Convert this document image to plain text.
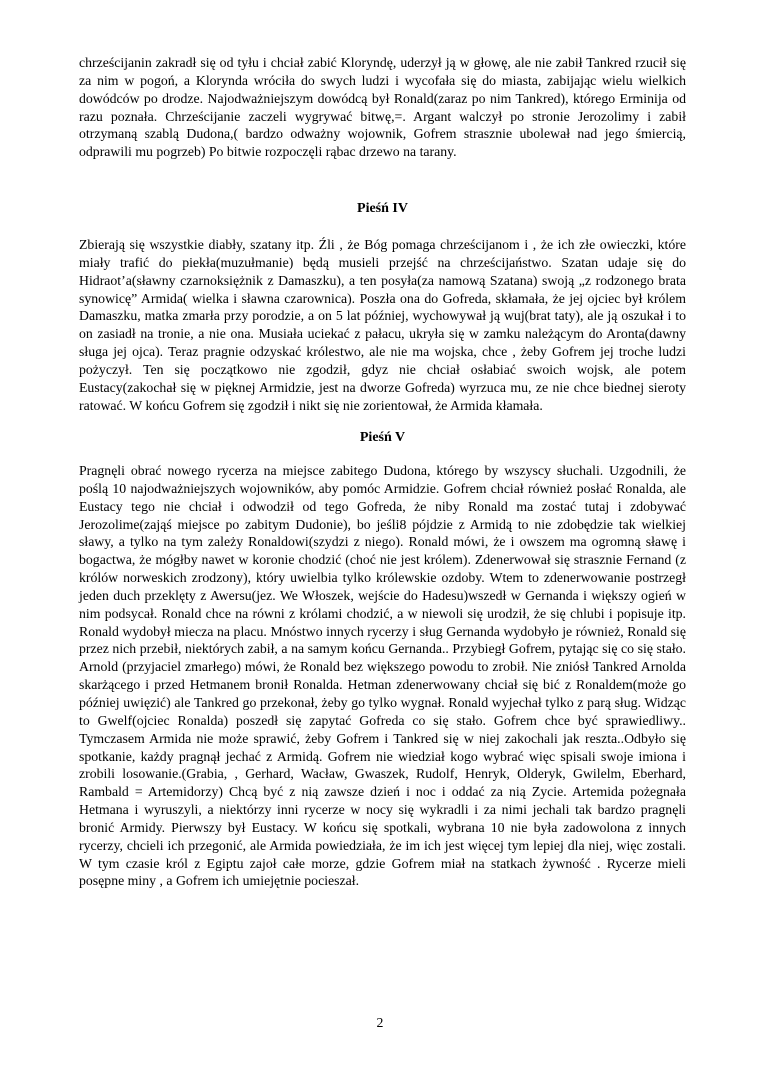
chrześcijanin zakradł się od tyłu i chciał zabić Kloryndę, uderzył ją w głowę, ale nie zabił Tankred rzucił się za nim w pogoń, a Klorynda wróciła do swych ludzi i wycofała się do miasta, zabijając wielu wielkich dowódców po drodze. Najodważniejszym dowódcą był Ronald(zaraz po nim Tankred), którego Erminija od razu poznała. Chrześcijanie zaczeli wygrywać bitwę,=. Argant walczył po stronie Jerozolimy i zabił otrzymaną szablą Dudona,( bardzo odważny wojownik, Gofrem strasznie ubolewał nad jego śmiercią, odprawili mu pogrzeb) Po bitwie rozpoczęli rąbac drzewo na tarany.

Pieśń IV

Zbierają się wszystkie diabły, szatany itp. Źli , że Bóg pomaga chrześcijanom i , że ich złe owieczki, które miały trafić do piekła(muzułmanie) będą musieli przejść na chrześcijaństwo. Szatan udaje się do Hidraot’a(sławny czarnoksiężnik z Damaszku), a ten posyła(za namową Szatana) swoją „z rodzonego brata synowicę” Armida( wielka i sławna czarownica). Poszła ona do Gofreda, skłamała, że jej ojciec był królem Damaszku, matka zmarła przy porodzie, a on 5 lat później, wychowywał ją wuj(brat taty), ale ją oszukał i to on zasiadł na tronie, a nie ona. Musiała uciekać z pałacu, ukryła się w zamku należącym do Aronta(dawny sługa jej ojca). Teraz pragnie odzyskać królestwo, ale nie ma wojska, chce , żeby Gofrem jej troche ludzi pożyczył. Ten się początkowo nie zgodził, gdyz nie chciał osłabiać swoich wojsk, ale potem Eustacy(zakochał się w pięknej Armidzie, jest na dworze Gofreda) wyrzuca mu, ze nie chce biednej sieroty ratować. W końcu Gofrem się zgodził i nikt się nie zorientował, że Armida kłamała.

Pieśń V

Pragnęli obrać nowego rycerza na miejsce zabitego Dudona, którego by wszyscy słuchali. Uzgodnili, że poślą 10 najodważniejszych wojowników, aby pomóc Armidzie. Gofrem chciał również posłać Ronalda, ale Eustacy tego nie chciał i odwodził od tego Gofreda, że niby Ronald ma zostać tutaj i zdobywać Jerozolime(zająś miejsce po zabitym Dudonie), bo jeśli8 pójdzie z Armidą to nie zdobędzie tak wielkiej sławy, a tylko na tym zależy Ronaldowi(szydzi z niego). Ronald mówi, że i owszem ma ogromną sławę i bogactwa, że mógłby nawet w koronie chodzić (choć nie jest królem). Zdenerwował się strasznie Fernand (z królów norweskich zrodzony), który uwielbia tylko królewskie ozdoby. Wtem to zdenerwowanie postrzegł jeden duch przeklęty z Awersu(jez. We Włoszek, wejście do Hadesu)wszedł w Gernanda i większy ogień w nim podsycał. Ronald chce na równi z królami chodzić, a w niewoli się urodził, że się chlubi i popisuje itp. Ronald wydobył miecza na placu. Mnóstwo innych rycerzy i sług Gernanda wydobyło je również, Ronald się przez nich przebił, niektórych zabił, a na samym końcu Gernanda.. Przybiegł Gofrem, pytając się co się stało. Arnold (przyjaciel zmarłego) mówi, że Ronald bez większego powodu to zrobił. Nie zniósł Tankred Arnolda skarżącego i przed Hetmanem bronił Ronalda. Hetman zdenerwowany chciał się bić z Ronaldem(może go później uwięzić) ale Tankred go przekonał, żeby go tylko wygnał. Ronald wyjechał tylko z parą sług. Widząc to Gwelf(ojciec Ronalda) poszedł się zapytać Gofreda co się stało. Gofrem chce być sprawiedliwy.. Tymczasem Armida nie może sprawić, żeby Gofrem i Tankred się w niej zakochali jak reszta..Odbyło się spotkanie, każdy pragnął jechać z Armidą. Gofrem nie wiedział kogo wybrać więc spisali swoje imiona i zrobili losowanie.(Grabia, , Gerhard, Wacław, Gwaszek, Rudolf, Henryk, Olderyk, Gwilelm, Eberhard, Rambald = Artemidorzy) Chcą być z nią zawsze dzień i noc i oddać za nią Zycie. Artemida pożegnała Hetmana i wyruszyli, a niektórzy inni rycerze w nocy się wykradli i za nimi jechali tak bardzo pragnęli bronić Armidy. Pierwszy był Eustacy. W końcu się spotkali, wybrana 10 nie była zadowolona z innych rycerzy, chcieli ich przegonić, ale Armida powiedziała, że im ich jest więcej tym lepiej dla niej, więc zostali. W tym czasie król z Egiptu zajoł całe morze, gdzie Gofrem miał na statkach żywność . Rycerze mieli posępne miny , a Gofrem ich umiejętnie pocieszał.

2
